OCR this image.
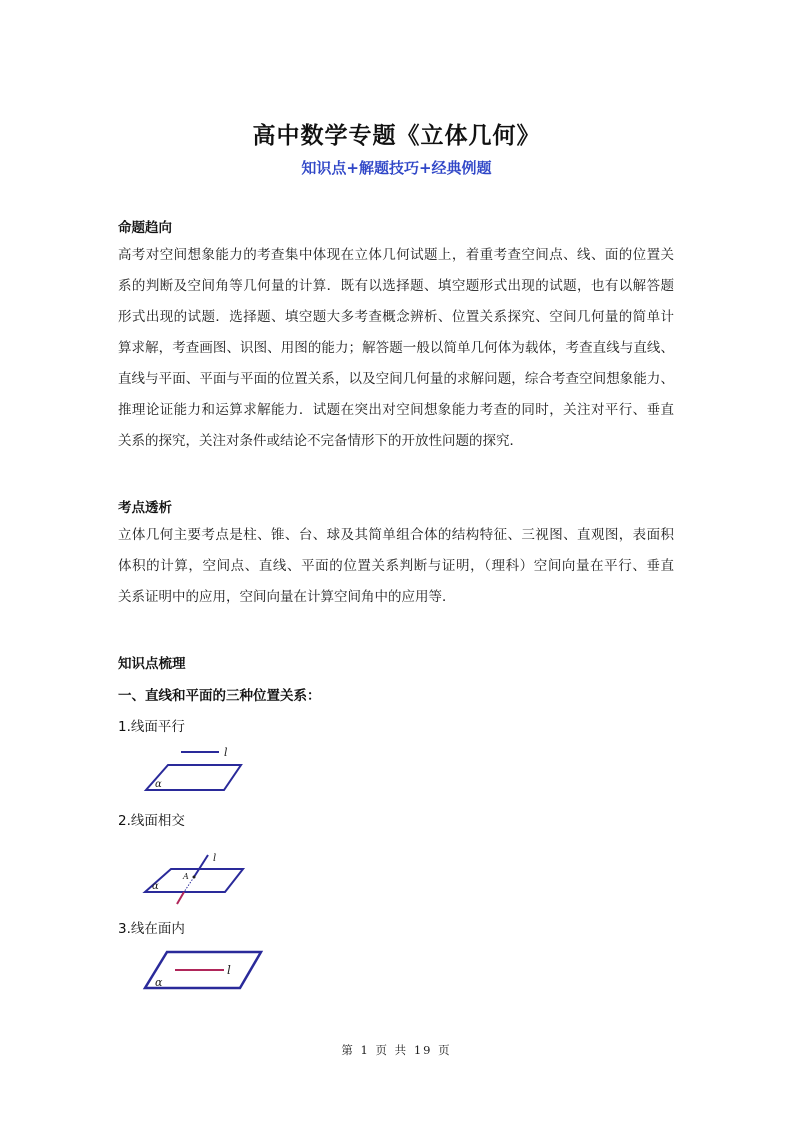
高中数学专题《立体几何》
知识点+解题技巧+经典例题
命题趋向
高考对空间想象能力的考查集中体现在立体几何试题上，着重考查空间点、线、面的位置关
系的判断及空间角等几何量的计算．既有以选择题、填空题形式出现的试题，也有以解答题
形式出现的试题．选择题、填空题大多考查概念辨析、位置关系探究、空间几何量的简单计
算求解，考查画图、识图、用图的能力；解答题一般以简单几何体为载体，考查直线与直线、
直线与平面、平面与平面的位置关系，以及空间几何量的求解问题，综合考查空间想象能力、
推理论证能力和运算求解能力．试题在突出对空间想象能力考查的同时，关注对平行、垂直
关系的探究，关注对条件或结论不完备情形下的开放性问题的探究．
考点透析
立体几何主要考点是柱、锥、台、球及其简单组合体的结构特征、三视图、直观图，表面积
体积的计算，空间点、直线、平面的位置关系判断与证明，（理科）空间向量在平行、垂直
关系证明中的应用，空间向量在计算空间角中的应用等．
知识点梳理
一、直线和平面的三种位置关系：
1.线面平行
l
α
2.线面相交
l
A
α
3.线在面内
l
α
第 1 页 共 19 页
